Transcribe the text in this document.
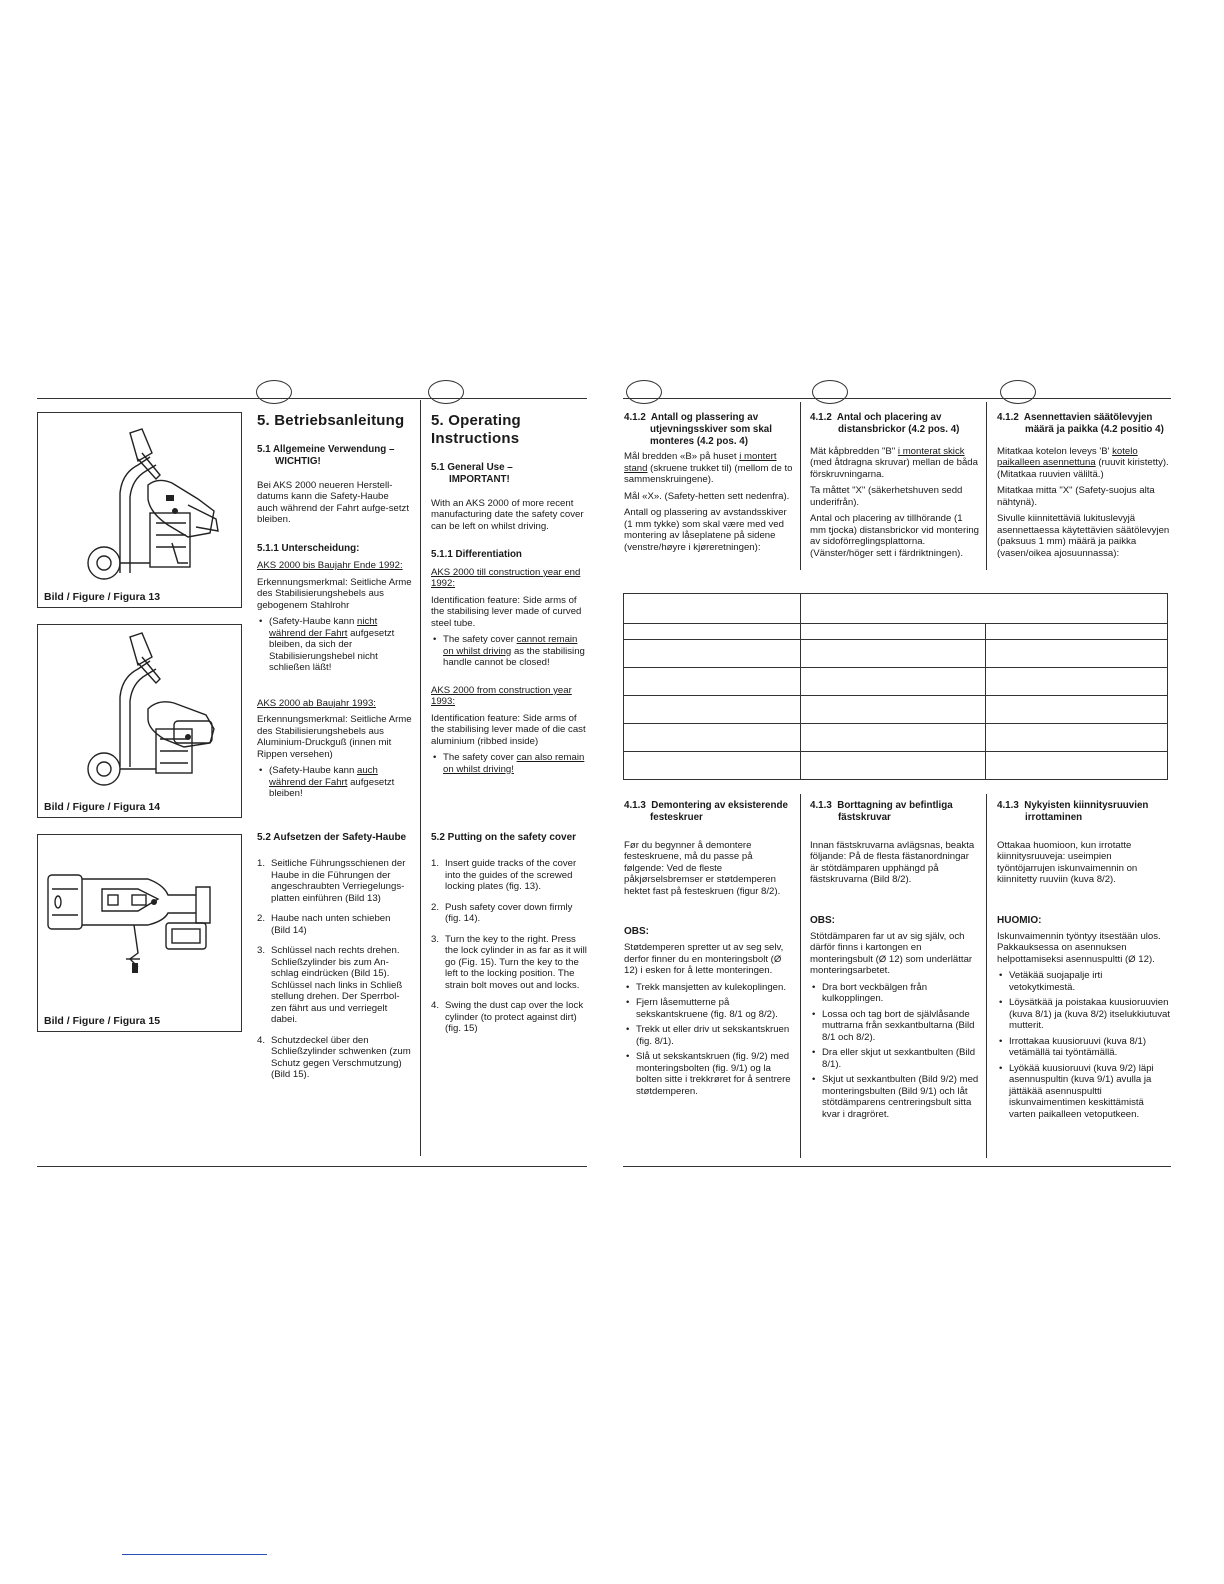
Bild / Figure / Figura 13
Bild / Figure / Figura 14
Bild / Figure / Figura 15
5. Betriebsanleitung
5.1 Allgemeine Verwendung –
WICHTIG!

Bei AKS 2000 neueren Herstell-datums kann die Safety-Haube auch während der Fahrt aufge-setzt bleiben.

5.1.1 Unterscheidung:

AKS 2000 bis Baujahr Ende 1992:

Erkennungsmerkmal: Seitliche Arme des Stabilisierungshebels aus gebogenem Stahlrohr

• (Safety-Haube kann nicht während der Fahrt aufgesetzt bleiben, da sich der Stabilisierungshebel nicht schließen läßt!

AKS 2000 ab Baujahr 1993:

Erkennungsmerkmal: Seitliche Arme des Stabilisierungshebels aus Aluminium-Druckguß (innen mit Rippen versehen)

• (Safety-Haube kann auch während der Fahrt aufgesetzt bleiben!
5.2 Aufsetzen der Safety-Haube
1. Seitliche Führungsschienen der Haube in die Führungen der angeschraubten Verriegelungs-platten einführen (Bild 13)
2. Haube nach unten schieben (Bild 14)
3. Schlüssel nach rechts drehen. Schließzylinder bis zum An-schlag eindrücken (Bild 15). Schlüssel nach links in Schließ stellung drehen. Der Sperrbol-zen fährt aus und verriegelt dabei.
4. Schutzdeckel über den Schließzylinder schwenken (zum Schutz gegen Verschmutzung) (Bild 15).
5. Operating Instructions
5.1 General Use –
IMPORTANT!

With an AKS 2000 of more recent manufacturing date the safety cover can be left on whilst driving.

5.1.1 Differentiation

AKS 2000 till construction year end 1992:

Identification feature: Side arms of the stabilising lever made of curved steel tube.

• The safety cover cannot remain on whilst driving as the stabilising handle cannot be closed!

AKS 2000 from construction year 1993:

Identification feature: Side arms of the stabilising lever made of die cast aluminium (ribbed inside)

• The safety cover can also remain on whilst driving!
5.2 Putting on the safety cover
1. Insert guide tracks of the cover into the guides of the screwed locking plates (fig. 13).
2. Push safety cover down firmly (fig. 14).
3. Turn the key to the right. Press the lock cylinder in as far as it will go (Fig. 15). Turn the key to the left to the locking position. The strain bolt moves out and locks.
4. Swing the dust cap over the lock cylinder (to protect against dirt) (fig. 15)
4.1.2 Antall og plassering av
utjevningsskiver som skal
monteres (4.2 pos. 4)

Mål bredden «B» på huset i montert stand (skruene trukket til) (mellom de to sammenskruingene).

Mål «X». (Safety-hetten sett nedenfra).

Antall og plassering av avstandsskiver (1 mm tykke) som skal være med ved montering av låseplatene på sidene (venstre/høyre i kjøreretningen):

4.1.2 Antal och placering av
distansbrickor (4.2 pos. 4)

Mät kåpbredden "B" i monterat skick (med åtdragna skruvar) mellan de båda förskruvningarna.

Ta måttet "X" (säkerhetshuven sedd underifrån).

Antal och placering av tillhörande (1 mm tjocka) distansbrickor vid montering av sidoförreglingsplattorna. (Vänster/höger sett i färdriktningen).

4.1.2 Asennettavien säätölevyjen
määrä ja paikka (4.2 positio 4)

Mitatkaa kotelon leveys 'B' kotelo paikalleen asennettuna (ruuvit kiristetty). (Mitatkaa ruuvien väliltä.)

Mitatkaa mitta "X" (Safety-suojus alta nähtynä).

Sivulle kiinnitettäviä lukituslevyjä asennettaessa käytettävien säätölevyjen (paksuus 1 mm) määrä ja paikka (vasen/oikea ajosuunnassa):

4.1.3 Demontering av eksisterende
festeskruer

Før du begynner å demontere festeskruene, må du passe på følgende: Ved de fleste påkjørselsbremser er støtdemperen hektet fast på festeskruen (figur 8/2).

OBS:

Støtdemperen spretter ut av seg selv, derfor finner du en monteringsbolt (Ø 12) i esken for å lette monteringen.

• Trekk mansjetten av kulekoplingen.
• Fjern låsemutterne på sekskantskruene (fig. 8/1 og 8/2).
• Trekk ut eller driv ut sekskantskruen (fig. 8/1).
• Slå ut sekskantskruen (fig. 9/2) med monteringsbolten (fig. 9/1) og la bolten sitte i trekkrøret for å sentrere støtdemperen.
4.1.3 Borttagning av befintliga
fästskruvar

Innan fästskruvarna avlägsnas, beakta följande: På de flesta fästanordningar är stötdämparen upphängd på fästskruvarna (Bild 8/2).

OBS:

Stötdämparen far ut av sig själv, och därför finns i kartongen en monteringsbult (Ø 12) som underlättar monteringsarbetet.

• Dra bort veckbälgen från kulkopplingen.
• Lossa och tag bort de självlåsande muttrarna från sexkantbultarna (Bild 8/1 och 8/2).
• Dra eller skjut ut sexkantbulten (Bild 8/1).
• Skjut ut sexkantbulten (Bild 9/2) med monteringsbulten (Bild 9/1) och låt stötdämparens centreringsbult sitta kvar i dragröret.
4.1.3 Nykyisten kiinnitysruuvien
irrottaminen

Ottakaa huomioon, kun irrotatte kiinnitysruuveja: useimpien työntöjarrujen iskunvaimennin on kiinnitetty ruuviin (kuva 8/2).

HUOMIO:

Iskunvaimennin työntyy itsestään ulos. Pakkauksessa on asennuksen helpottamiseksi asennuspultti (Ø 12).

• Vetäkää suojapalje irti vetokytkimestä.
• Löysätkää ja poistakaa kuusioruuvien (kuva 8/1) ja (kuva 8/2) itselukkiutuvat mutterit.
• Irrottakaa kuusioruuvi (kuva 8/1) vetämällä tai työntämällä.
• Lyökää kuusioruuvi (kuva 9/2) läpi asennuspultin (kuva 9/1) avulla ja jättäkää asennuspultti iskunvaimentimen keskittämistä varten paikalleen vetoputkeen.
